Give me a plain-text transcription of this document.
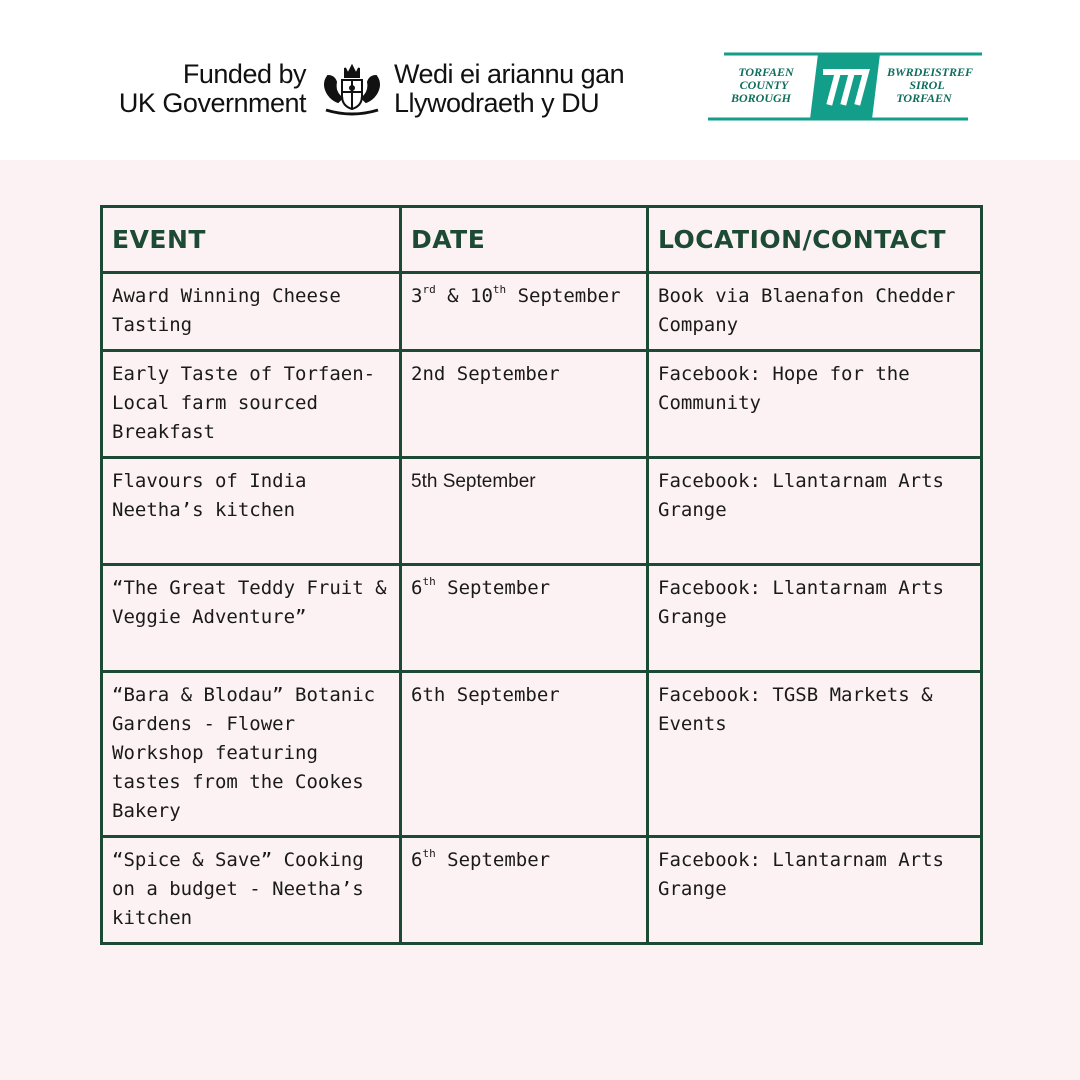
Funded by
UK Government
Wedi ei ariannu gan
Llywodraeth y DU
TORFAEN
COUNTY
BOROUGH
BWRDEISTREF
SIROL
TORFAEN
EVENT	DATE	LOCATION/CONTACT
Award Winning Cheese Tasting	3rd & 10th September	Book via Blaenafon Chedder Company
Early Taste of Torfaen- Local farm sourced Breakfast	2nd September	Facebook: Hope for the Community
Flavours of India Neetha’s kitchen	5th September	Facebook: Llantarnam Arts Grange
“The Great Teddy Fruit & Veggie Adventure”	6th September	Facebook: Llantarnam Arts Grange
“Bara & Blodau” Botanic Gardens - Flower Workshop featuring tastes from the Cookes Bakery	6th September	Facebook: TGSB Markets & Events
“Spice & Save” Cooking on a budget - Neetha’s kitchen	6th September	Facebook: Llantarnam Arts Grange
